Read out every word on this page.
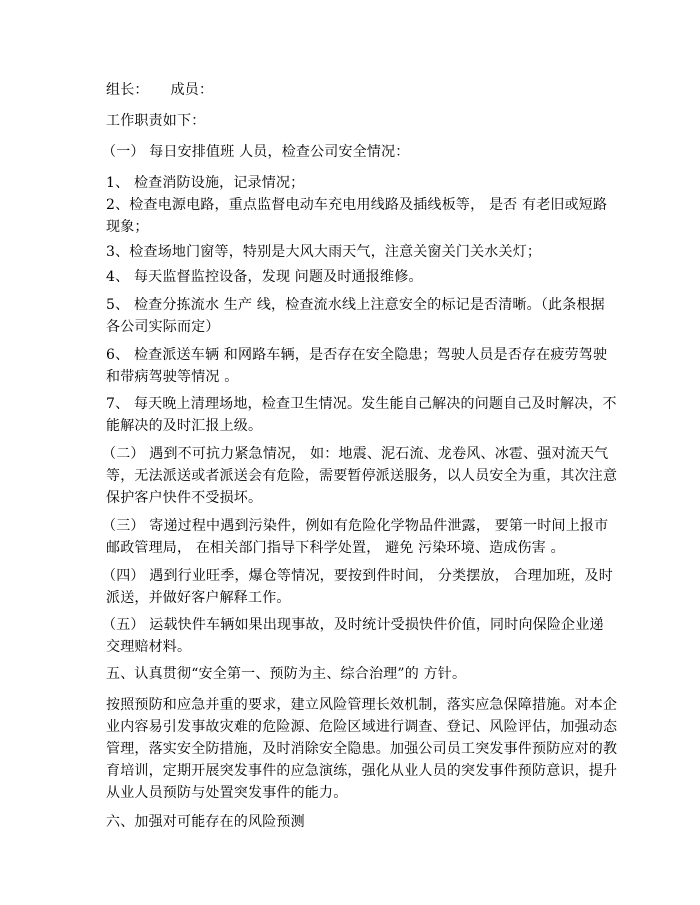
组长： 成员：
工作职责如下：
（一） 每日安排值班 人员，检查公司安全情况：
1、 检查消防设施，记录情况；
2、检查电源电路，重点监督电动车充电用线路及插线板等， 是否 有老旧或短路
现象；
3、检查场地门窗等，特别是大风大雨天气，注意关窗关门关水关灯；
4、 每天监督监控设备，发现 问题及时通报维修。
5、 检查分拣流水 生产 线，检查流水线上注意安全的标记是否清晰。（此条根据
各公司实际而定）
6、 检查派送车辆 和网路车辆，是否存在安全隐患；驾驶人员是否存在疲劳驾驶
和带病驾驶等情况 。
7、 每天晚上清理场地，检查卫生情况。发生能自己解决的问题自己及时解决，不
能解决的及时汇报上级。
（二） 遇到不可抗力紧急情况， 如：地震、泥石流、龙卷风、冰雹、强对流天气
等，无法派送或者派送会有危险，需要暂停派送服务，以人员安全为重，其次注意
保护客户快件不受损坏。
（三） 寄递过程中遇到污染件，例如有危险化学物品件泄露， 要第一时间上报市
邮政管理局， 在相关部门指导下科学处置， 避免 污染环境、造成伤害 。
（四） 遇到行业旺季，爆仓等情况，要按到件时间， 分类摆放， 合理加班，及时
派送，并做好客户解释工作。
（五） 运载快件车辆如果出现事故，及时统计受损快件价值，同时向保险企业递
交理赔材料。
五、认真贯彻“安全第一、预防为主、综合治理”的 方针。
按照预防和应急并重的要求，建立风险管理长效机制，落实应急保障措施。对本企
业内容易引发事故灾难的危险源、危险区域进行调查、登记、风险评估，加强动态
管理，落实安全防措施，及时消除安全隐患。加强公司员工突发事件预防应对的教
育培训，定期开展突发事件的应急演练，强化从业人员的突发事件预防意识，提升
从业人员预防与处置突发事件的能力。
六、加强对可能存在的风险预测
